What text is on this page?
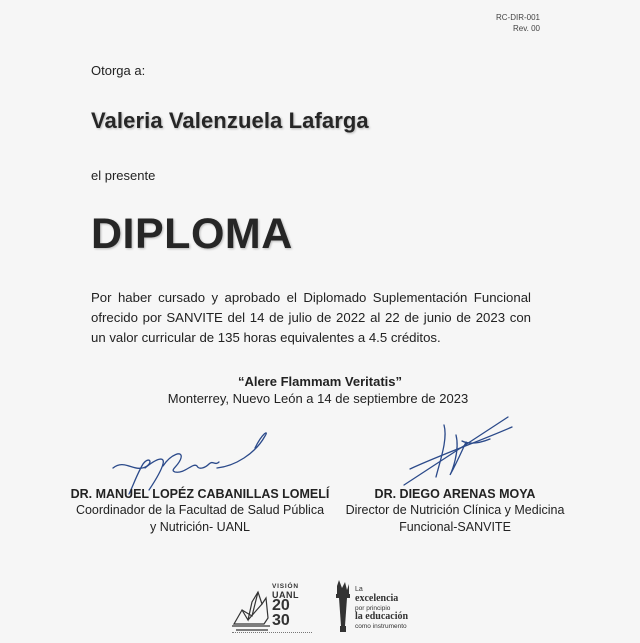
RC-DIR-001
Rev. 00
Otorga a:
Valeria Valenzuela Lafarga
el presente
DIPLOMA
Por haber cursado y aprobado el Diplomado Suplementación Funcional ofrecido por SANVITE del 14 de julio de 2022 al 22 de junio de 2023 con un valor curricular de 135 horas equivalentes a 4.5 créditos.
“Alere Flammam Veritatis”
Monterrey, Nuevo León a 14 de septiembre de 2023
DR. MANUEL LOPÉZ CABANILLAS LOMELÍ
Coordinador de la Facultad de Salud Pública
y Nutrición- UANL
DR. DIEGO ARENAS MOYA
Director de Nutrición Clínica y Medicina
Funcional-SANVITE
VISIÓN
UANL
20
30
La
excelencia
por principio
la educación
como instrumento
